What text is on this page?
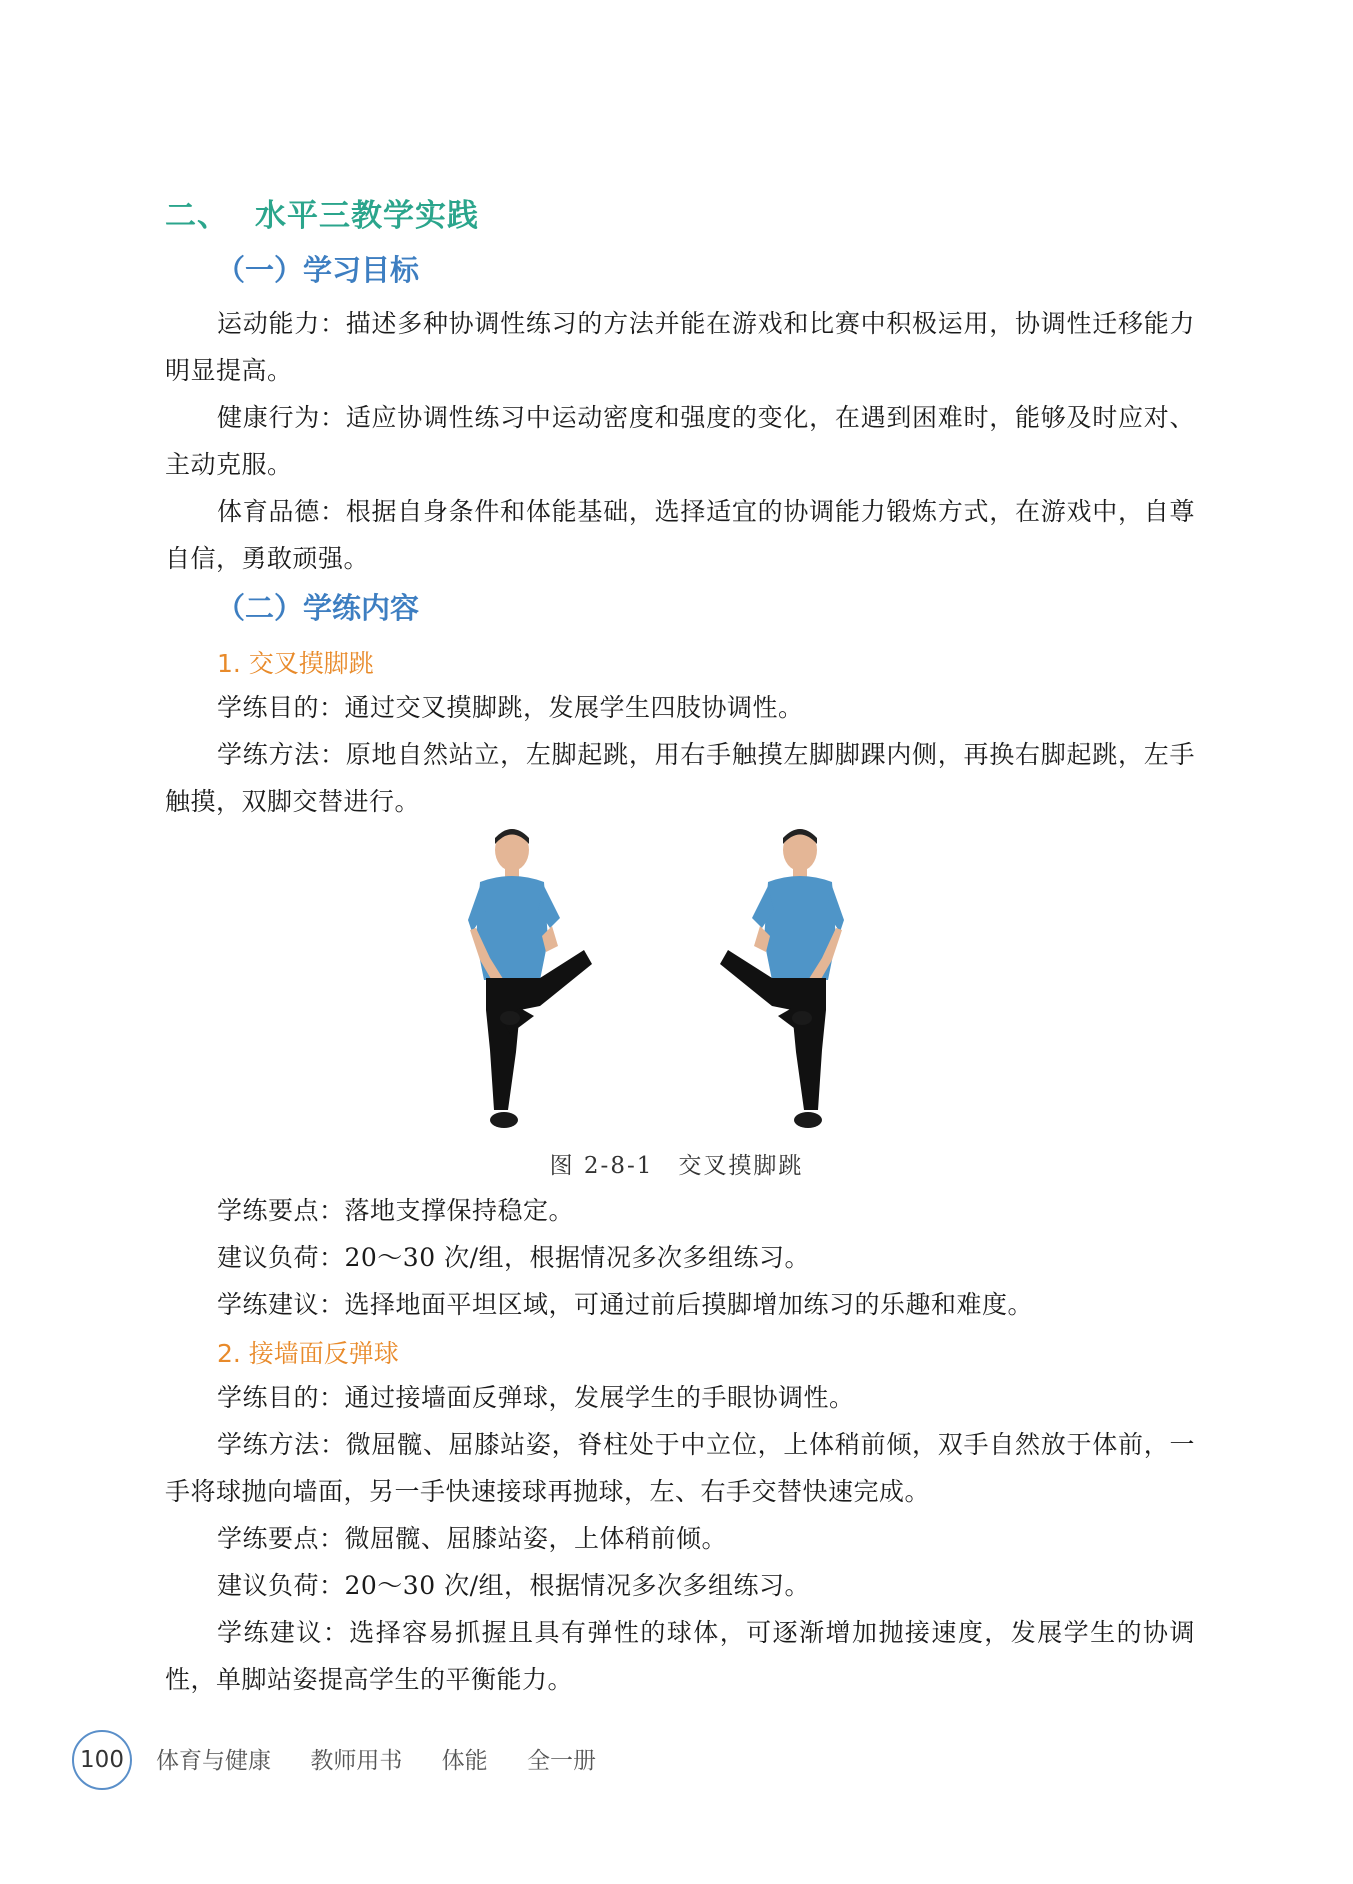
二、 水平三教学实践
（一）学习目标
运动能力：描述多种协调性练习的方法并能在游戏和比赛中积极运用，协调性迁移能力明显提高。
健康行为：适应协调性练习中运动密度和强度的变化，在遇到困难时，能够及时应对、主动克服。
体育品德：根据自身条件和体能基础，选择适宜的协调能力锻炼方式，在游戏中，自尊自信，勇敢顽强。
（二）学练内容
1. 交叉摸脚跳
学练目的：通过交叉摸脚跳，发展学生四肢协调性。
学练方法：原地自然站立，左脚起跳，用右手触摸左脚脚踝内侧，再换右脚起跳，左手触摸，双脚交替进行。
图 2-8-1　交叉摸脚跳
学练要点：落地支撑保持稳定。
建议负荷：20～30 次/组，根据情况多次多组练习。
学练建议：选择地面平坦区域，可通过前后摸脚增加练习的乐趣和难度。
2. 接墙面反弹球
学练目的：通过接墙面反弹球，发展学生的手眼协调性。
学练方法：微屈髋、屈膝站姿，脊柱处于中立位，上体稍前倾，双手自然放于体前，一手将球抛向墙面，另一手快速接球再抛球，左、右手交替快速完成。
学练要点：微屈髋、屈膝站姿，上体稍前倾。
建议负荷：20～30 次/组，根据情况多次多组练习。
学练建议：选择容易抓握且具有弹性的球体，可逐渐增加抛接速度，发展学生的协调性，单脚站姿提高学生的平衡能力。
100	体育与健康 教师用书 体能 全一册
